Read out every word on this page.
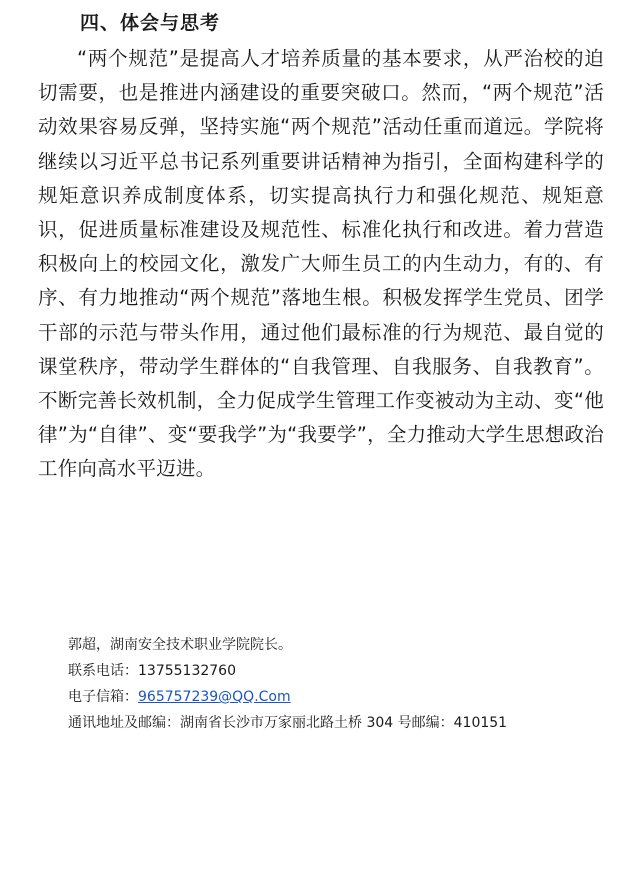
四、体会与思考

“两个规范”是提高人才培养质量的基本要求，从严治校的迫切需要，也是推进内涵建设的重要突破口。然而，“两个规范”活动效果容易反弹，坚持实施“两个规范”活动任重而道远。学院将继续以习近平总书记系列重要讲话精神为指引，全面构建科学的规矩意识养成制度体系，切实提高执行力和强化规范、规矩意识，促进质量标准建设及规范性、标准化执行和改进。着力营造积极向上的校园文化，激发广大师生员工的内生动力，有的、有序、有力地推动“两个规范”落地生根。积极发挥学生党员、团学干部的示范与带头作用，通过他们最标准的行为规范、最自觉的课堂秩序，带动学生群体的“自我管理、自我服务、自我教育”。不断完善长效机制，全力促成学生管理工作变被动为主动、变“他律”为“自律”、变“要我学”为“我要学”，全力推动大学生思想政治工作向高水平迈进。

郭超，湖南安全技术职业学院院长。
联系电话：13755132760
电子信箱：965757239@QQ.Com
通讯地址及邮编：湖南省长沙市万家丽北路土桥 304 号邮编：410151
